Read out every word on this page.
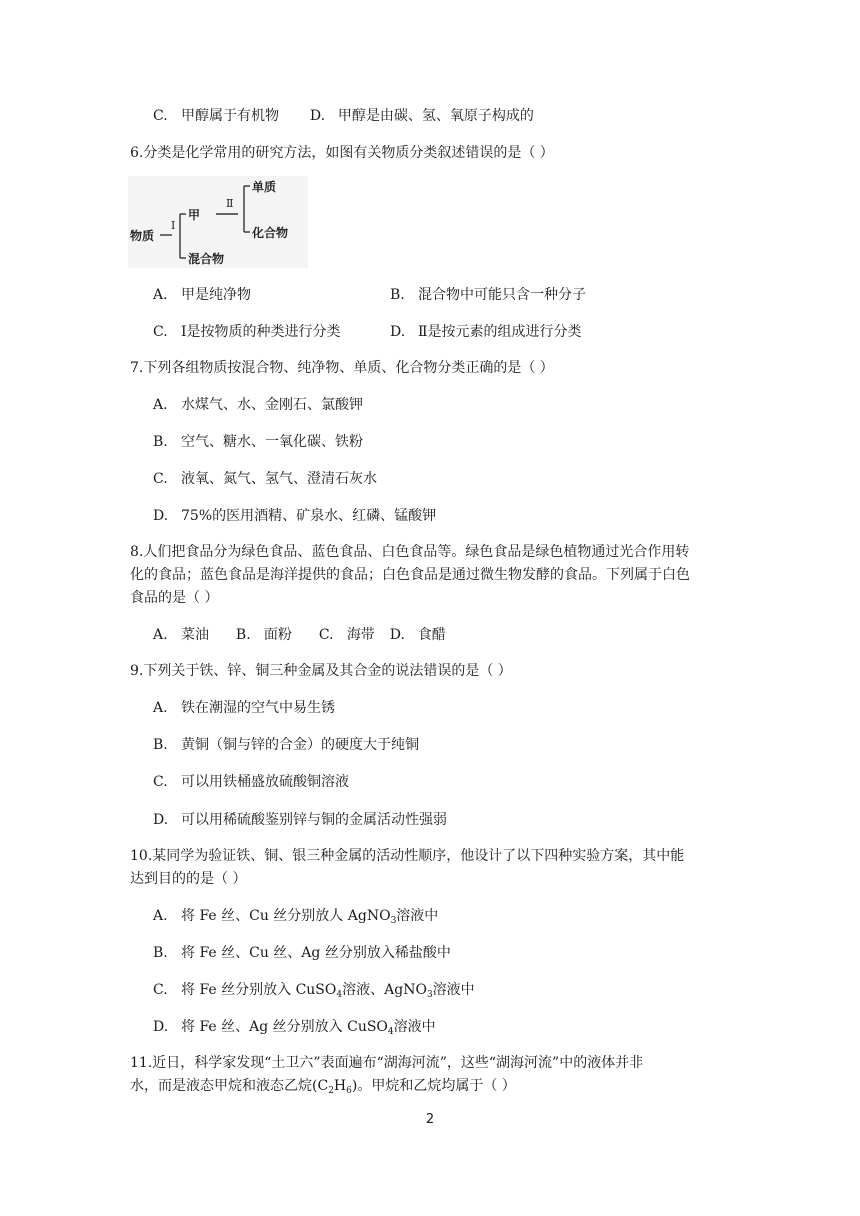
C. 甲醇属于有机物 D. 甲醇是由碳、氢、氧原子构成的
6.分类是化学常用的研究方法，如图有关物质分类叙述错误的是（ ）
物质
Ⅰ
甲
混合物
Ⅱ
单质
化合物
A. 甲是纯净物	B. 混合物中可能只含一种分子
C. Ⅰ是按物质的种类进行分类	D. Ⅱ是按元素的组成进行分类
7.下列各组物质按混合物、纯净物、单质、化合物分类正确的是（ ）
A. 水煤气、水、金刚石、氯酸钾
B. 空气、糖水、一氧化碳、铁粉
C. 液氧、氮气、氢气、澄清石灰水
D. 75%的医用酒精、矿泉水、红磷、锰酸钾
8.人们把食品分为绿色食品、蓝色食品、白色食品等。绿色食品是绿色植物通过光合作用转
化的食品；蓝色食品是海洋提供的食品；白色食品是通过微生物发酵的食品。下列属于白色
食品的是（ ）
A. 菜油 B. 面粉 C. 海带 D. 食醋
9.下列关于铁、锌、铜三种金属及其合金的说法错误的是（ ）
A. 铁在潮湿的空气中易生锈
B. 黄铜（铜与锌的合金）的硬度大于纯铜
C. 可以用铁桶盛放硫酸铜溶液
D. 可以用稀硫酸鉴别锌与铜的金属活动性强弱
10.某同学为验证铁、铜、银三种金属的活动性顺序，他设计了以下四种实验方案，其中能
达到目的的是（ ）
A. 将 Fe 丝、Cu 丝分别放人 AgNO$_3$溶液中
B. 将 Fe 丝、Cu 丝、Ag 丝分别放入稀盐酸中
C. 将 Fe 丝分别放入 CuSO$_4$溶液、AgNO$_3$溶液中
D. 将 Fe 丝、Ag 丝分别放入 CuSO$_4$溶液中
11.近日，科学家发现“土卫六”表面遍布“湖海河流”，这些“湖海河流”中的液体并非
水，而是液态甲烷和液态乙烷$(C_2H_6)$。甲烷和乙烷均属于（ ）
2
